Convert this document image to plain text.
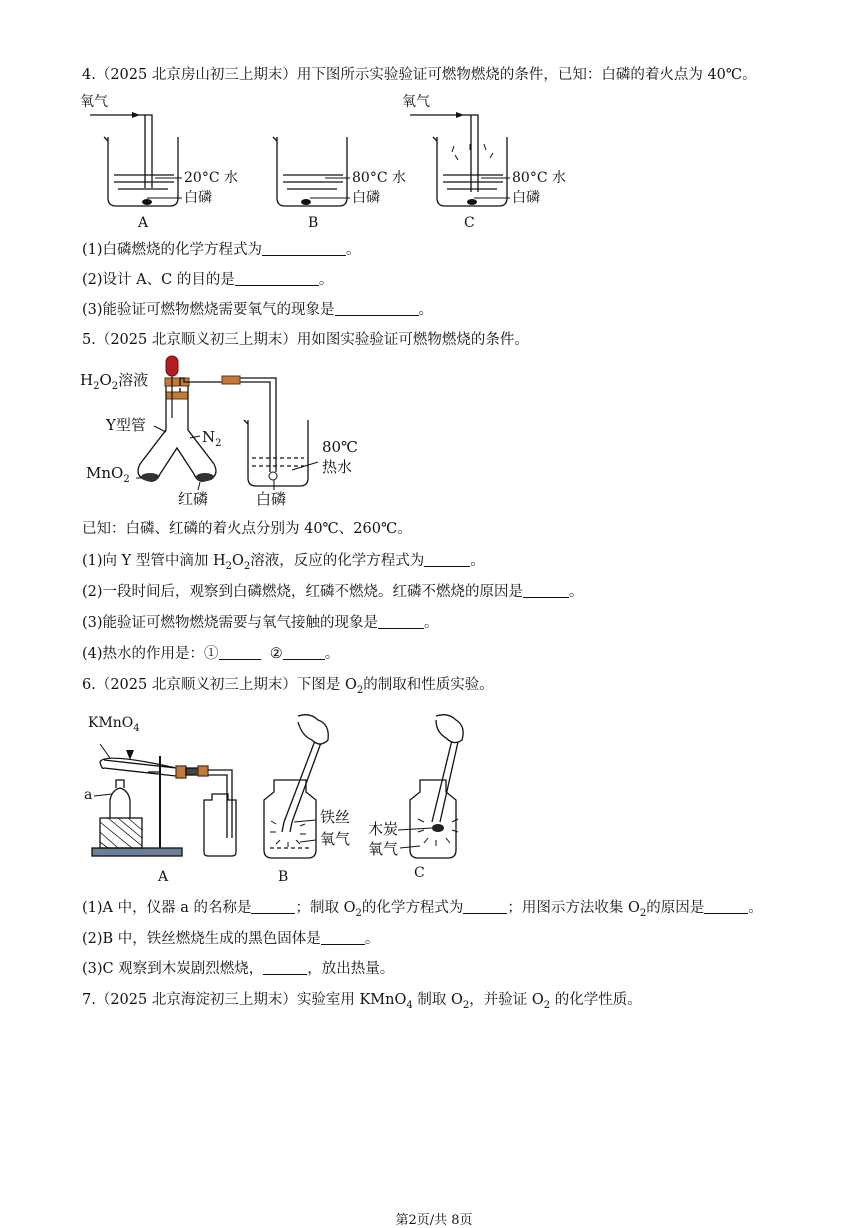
4.（2025 北京房山初三上期末）用下图所示实验验证可燃物燃烧的条件，已知：白磷的着火点为 40℃。
氧气	氧气
20°C 水
白磷
80°C 水
白磷
80°C 水
白磷
A	B	C
(1)白磷燃烧的化学方程式为	。
(2)设计 A、C 的目的是	。
(3)能验证可燃物燃烧需要氧气的现象是	。
5.（2025 北京顺义初三上期末）用如图实验验证可燃物燃烧的条件。
$H_2O_2$溶液
Y型管
$N_2$
MnO$_2$
红磷
80℃
热水
白磷
已知：白磷、红磷的着火点分别为 40℃、260℃。
(1)向 Y 型管中滴加 $H_2O_2$溶液，反应的化学方程式为	。
(2)一段时间后，观察到白磷燃烧，红磷不燃烧。红磷不燃烧的原因是	。
(3)能验证可燃物燃烧需要与氧气接触的现象是	。
(4)热水的作用是：①	②	。
6.（2025 北京顺义初三上期末）下图是 $O_2$的制取和性质实验。
KMnO$_4$
a
铁丝
氧气
木炭
氧气
A	B	C
(1)A 中，仪器 a 的名称是	；制取 $O_2$的化学方程式为	；用图示方法收集 $O_2$的原因是	。
(2)B 中，铁丝燃烧生成的黑色固体是	。
(3)C 观察到木炭剧烈燃烧，	，放出热量。
7.（2025 北京海淀初三上期末）实验室用 KMnO$_4$ 制取 $O_2$，并验证 $O_2$ 的化学性质。
第2页/共 8页
